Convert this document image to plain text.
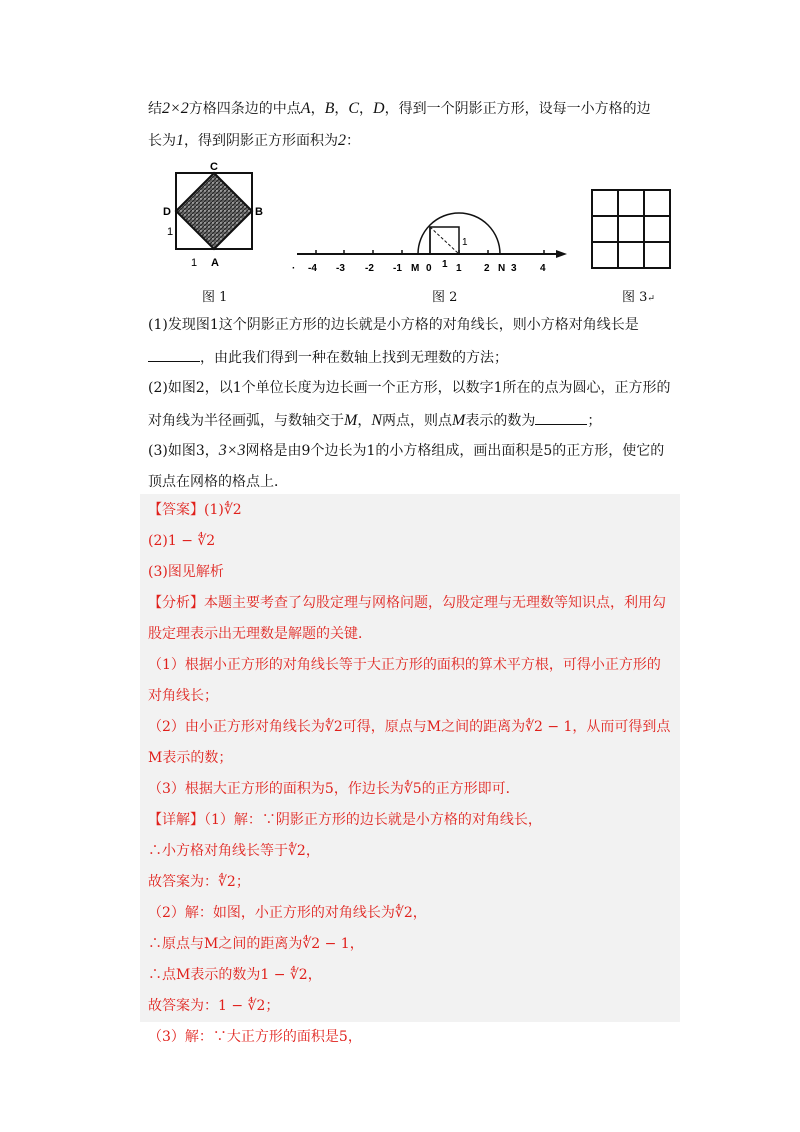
结2×2方格四条边的中点A，B，C，D，得到一个阴影正方形，设每一小方格的边
长为1，得到阴影正方形面积为2：
C
D	B
A
1
1
图 1
1
· -4 -3 -2 -1 M 0 1 1 2 N 3 4
图 2	图 3↵
(1)发现图1这个阴影正方形的边长就是小方格的对角线长，则小方格对角线长是
，由此我们得到一种在数轴上找到无理数的方法；
(2)如图2，以1个单位长度为边长画一个正方形，以数字1所在的点为圆心，正方形的
对角线为半径画弧，与数轴交于M，N两点，则点M表示的数为	；
(3)如图3，3×3网格是由9个边长为1的小方格组成，画出面积是5的正方形，使它的
顶点在网格的格点上．
【答案】(1)∜2
(2)1 − ∜2
(3)图见解析
【分析】本题主要考查了勾股定理与网格问题，勾股定理与无理数等知识点，利用勾
股定理表示出无理数是解题的关键．
（1）根据小正方形的对角线长等于大正方形的面积的算术平方根，可得小正方形的
对角线长；
（2）由小正方形对角线长为∜2可得，原点与M之间的距离为∜2 − 1，从而可得到点
M表示的数；
（3）根据大正方形的面积为5，作边长为∜5的正方形即可．
【详解】（1）解：∵阴影正方形的边长就是小方格的对角线长，
∴小方格对角线长等于∜2，
故答案为：∜2；
（2）解：如图，小正方形的对角线长为∜2，
∴原点与M之间的距离为∜2 − 1，
∴点M表示的数为1 − ∜2，
故答案为：1 − ∜2；
（3）解：∵大正方形的面积是5，
